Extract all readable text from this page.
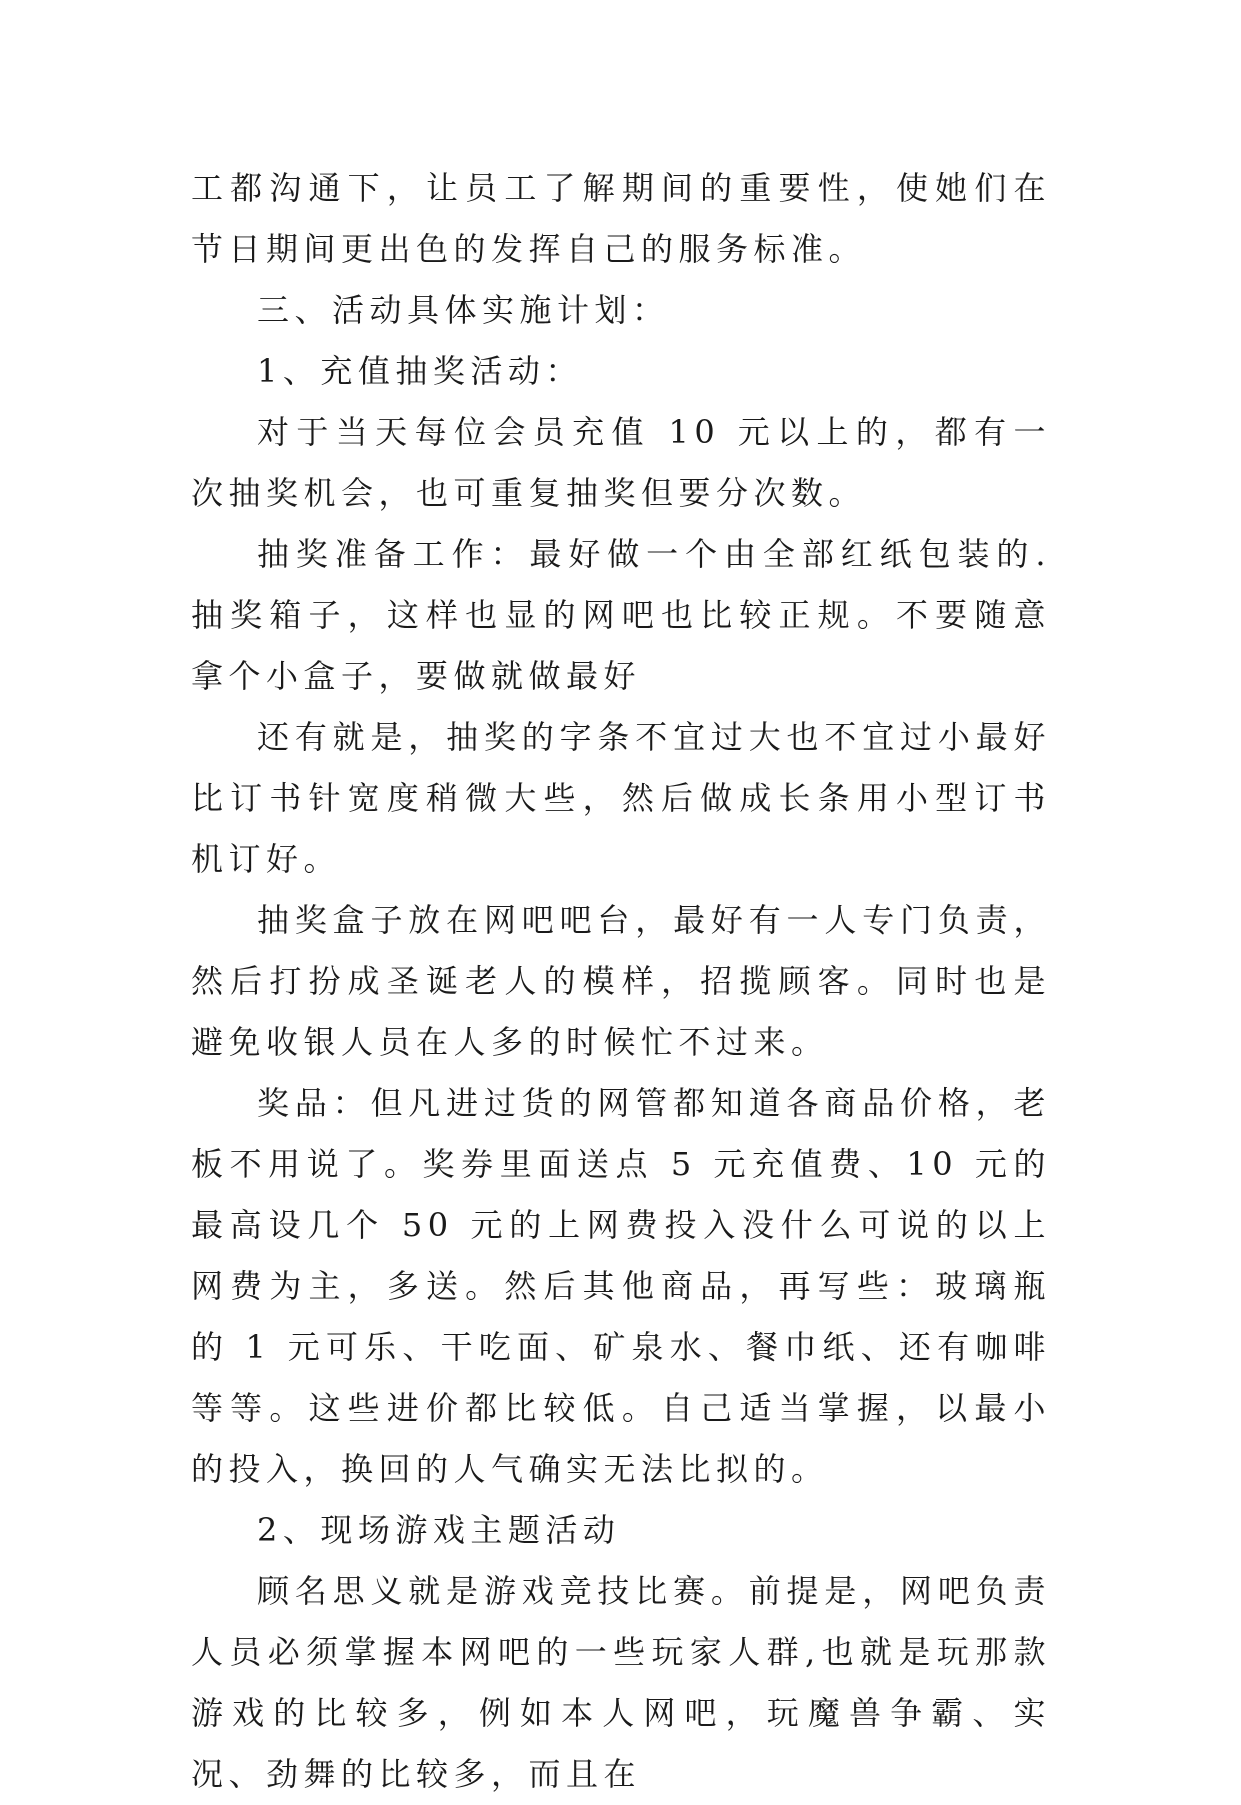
工都沟通下，让员工了解期间的重要性，使她们在节日期间更出色的发挥自己的服务标准。

三、活动具体实施计划：

1、充值抽奖活动：

对于当天每位会员充值 10 元以上的，都有一次抽奖机会，也可重复抽奖但要分次数。

抽奖准备工作：最好做一个由全部红纸包装的.抽奖箱子，这样也显的网吧也比较正规。不要随意拿个小盒子，要做就做最好

还有就是，抽奖的字条不宜过大也不宜过小最好比订书针宽度稍微大些，然后做成长条用小型订书机订好。

抽奖盒子放在网吧吧台，最好有一人专门负责，然后打扮成圣诞老人的模样，招揽顾客。同时也是避免收银人员在人多的时候忙不过来。

奖品：但凡进过货的网管都知道各商品价格，老板不用说了。奖券里面送点 5 元充值费、10 元的最高设几个 50 元的上网费投入没什么可说的以上网费为主，多送。然后其他商品，再写些：玻璃瓶的 1 元可乐、干吃面、矿泉水、餐巾纸、还有咖啡等等。这些进价都比较低。自己适当掌握，以最小的投入，换回的人气确实无法比拟的。

2、现场游戏主题活动

顾名思义就是游戏竞技比赛。前提是，网吧负责人员必须掌握本网吧的一些玩家人群,也就是玩那款游戏的比较多，例如本人网吧，玩魔兽争霸、实况、劲舞的比较多，而且在
